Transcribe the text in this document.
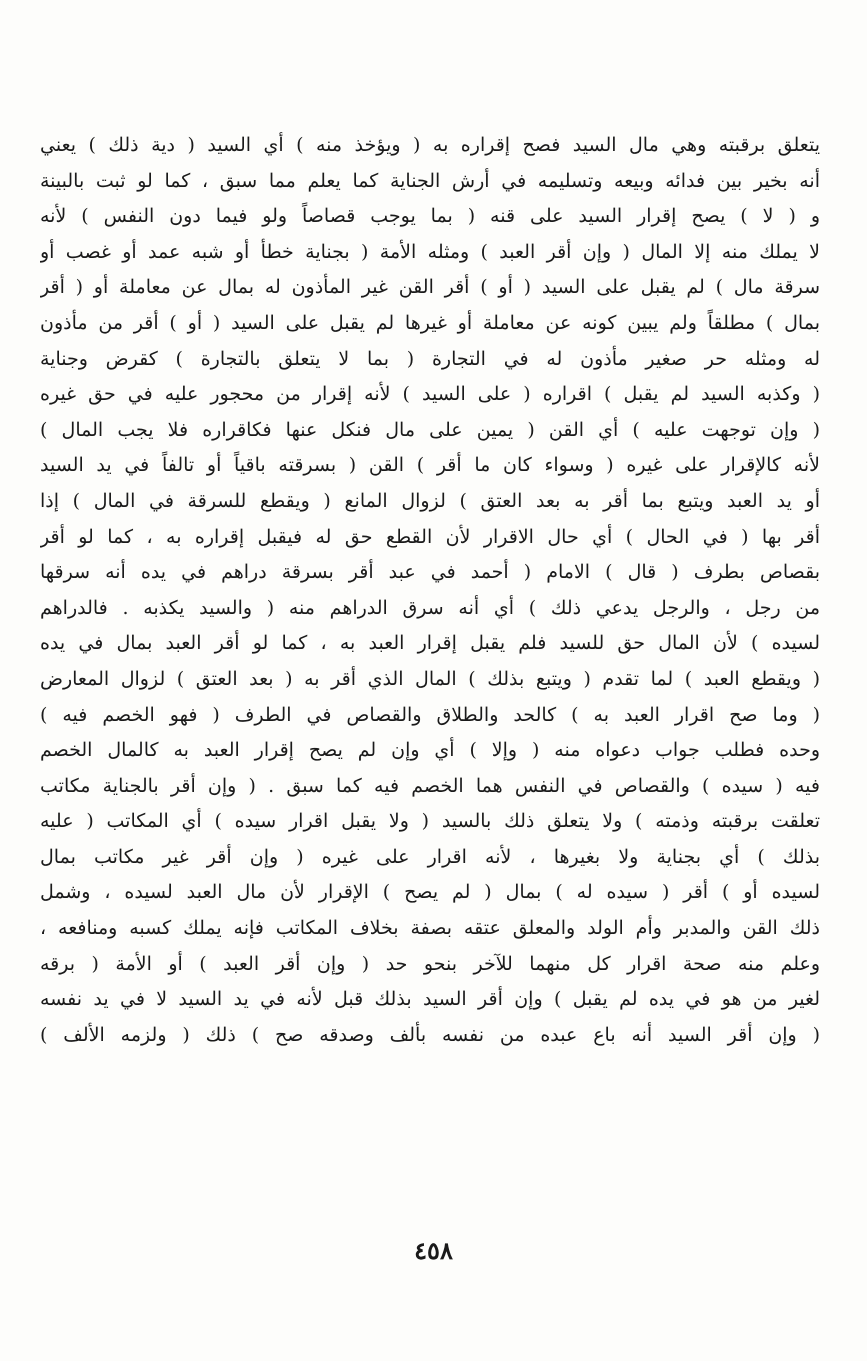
يتعلق برقبته وهي مال السيد فصح إقراره به ( ويؤخذ منه ) أي السيد ( دية ذلك ) يعني
أنه بخير بين فدائه وبيعه وتسليمه في أرش الجناية كما يعلم مما سبق ، كما لو ثبت بالبينة
و ( لا ) يصح إقرار السيد على قنه ( بما يوجب قصاصاً ولو فيما دون النفس ) لأنه
لا يملك منه إلا المال ( وإن أقر العبد ) ومثله الأمة ( بجناية خطأ أو شبه عمد أو غصب أو
سرقة مال ) لم يقبل على السيد ( أو ) أقر القن غير المأذون له بمال عن معاملة أو ( أقر
بمال ) مطلقاً ولم يبين كونه عن معاملة أو غيرها لم يقبل على السيد ( أو ) أقر من مأذون
له ومثله حر صغير مأذون له في التجارة ( بما لا يتعلق بالتجارة ) كقرض وجناية
( وكذبه السيد لم يقبل ) اقراره ( على السيد ) لأنه إقرار من محجور عليه في حق غيره
( وإن توجهت عليه ) أي القن ( يمين على مال فنكل عنها فكاقراره فلا يجب المال )
لأنه كالإقرار على غيره ( وسواء كان ما أقر ) القن ( بسرقته باقياً أو تالفاً في يد السيد
أو يد العبد ويتبع بما أقر به بعد العتق ) لزوال المانع ( ويقطع للسرقة في المال ) إذا
أقر بها ( في الحال ) أي حال الاقرار لأن القطع حق له فيقبل إقراره به ، كما لو أقر
بقصاص بطرف ( قال ) الامام ( أحمد في عبد أقر بسرقة دراهم في يده أنه سرقها
من رجل ، والرجل يدعي ذلك ) أي أنه سرق الدراهم منه ( والسيد يكذبه . فالدراهم
لسيده ) لأن المال حق للسيد فلم يقبل إقرار العبد به ، كما لو أقر العبد بمال في يده
( ويقطع العبد ) لما تقدم ( ويتبع بذلك ) المال الذي أقر به ( بعد العتق ) لزوال المعارض
( وما صح اقرار العبد به ) كالحد والطلاق والقصاص في الطرف ( فهو الخصم فيه )
وحده فطلب جواب دعواه منه ( وإلا ) أي وإن لم يصح إقرار العبد به كالمال الخصم
فيه ( سيده ) والقصاص في النفس هما الخصم فيه كما سبق . ( وإن أقر بالجناية مكاتب
تعلقت برقبته وذمته ) ولا يتعلق ذلك بالسيد ( ولا يقبل اقرار سيده ) أي المكاتب ( عليه
بذلك ) أي بجناية ولا بغيرها ، لأنه اقرار على غيره ( وإن أقر غير مكاتب بمال
لسيده أو ) أقر ( سيده له ) بمال ( لم يصح ) الإقرار لأن مال العبد لسيده ، وشمل
ذلك القن والمدبر وأم الولد والمعلق عتقه بصفة بخلاف المكاتب فإنه يملك كسبه ومنافعه ،
وعلم منه صحة اقرار كل منهما للآخر بنحو حد ( وإن أقر العبد ) أو الأمة ( برقه
لغير من هو في يده لم يقبل ) وإن أقر السيد بذلك قبل لأنه في يد السيد لا في يد نفسه
( وإن أقر السيد أنه باع عبده من نفسه بألف وصدقه صح ) ذلك ( ولزمه الألف )
٤٥٨
